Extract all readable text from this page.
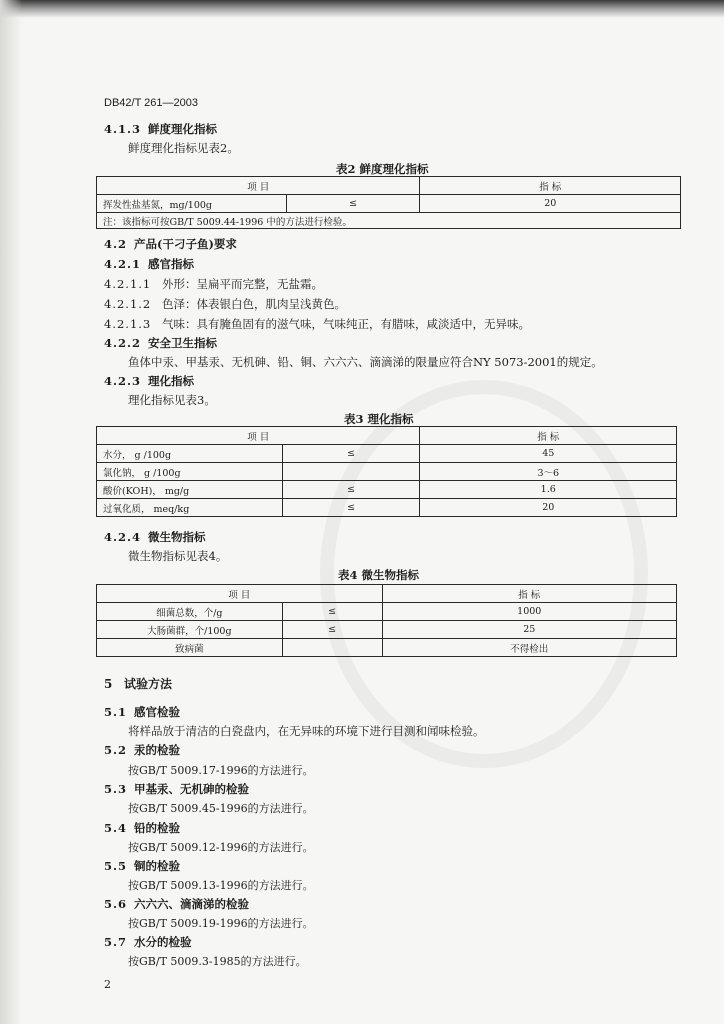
DB42/T 261—2003
4.1.3 鲜度理化指标
鲜度理化指标见表2。
表2 鲜度理化指标
项 目		指 标
挥发性盐基氮，mg/100g	≤	20
注：该指标可按GB/T 5009.44-1996 中的方法进行检验。		
4.2 产品(干刁子鱼)要求
4.2.1 感官指标
4.2.1.1 外形：呈扁平而完整，无盐霜。
4.2.1.2 色泽：体表银白色，肌肉呈浅黄色。
4.2.1.3 气味：具有腌鱼固有的滋气味，气味纯正，有腊味，咸淡适中，无异味。
4.2.2 安全卫生指标
鱼体中汞、甲基汞、无机砷、铅、铜、六六六、滴滴涕的限量应符合NY 5073-2001的规定。
4.2.3 理化指标
理化指标见表3。
表3 理化指标
项 目		指 标
水分， g /100g	≤	45
氯化钠， g /100g		3～6
酸价(KOH)， mg/g	≤	1.6
过氧化质， meq/kg	≤	20
4.2.4 微生物指标
微生物指标见表4。
表4 微生物指标
项 目		指 标
细菌总数，个/g	≤	1000
大肠菌群，个/100g	≤	25
致病菌		不得检出
5 试验方法
5.1 感官检验
将样品放于清洁的白瓷盘内，在无异味的环境下进行目测和闻味检验。
5.2 汞的检验
按GB/T 5009.17-1996的方法进行。
5.3 甲基汞、无机砷的检验
按GB/T 5009.45-1996的方法进行。
5.4 铅的检验
按GB/T 5009.12-1996的方法进行。
5.5 铜的检验
按GB/T 5009.13-1996的方法进行。
5.6 六六六、滴滴涕的检验
按GB/T 5009.19-1996的方法进行。
5.7 水分的检验
按GB/T 5009.3-1985的方法进行。
2
